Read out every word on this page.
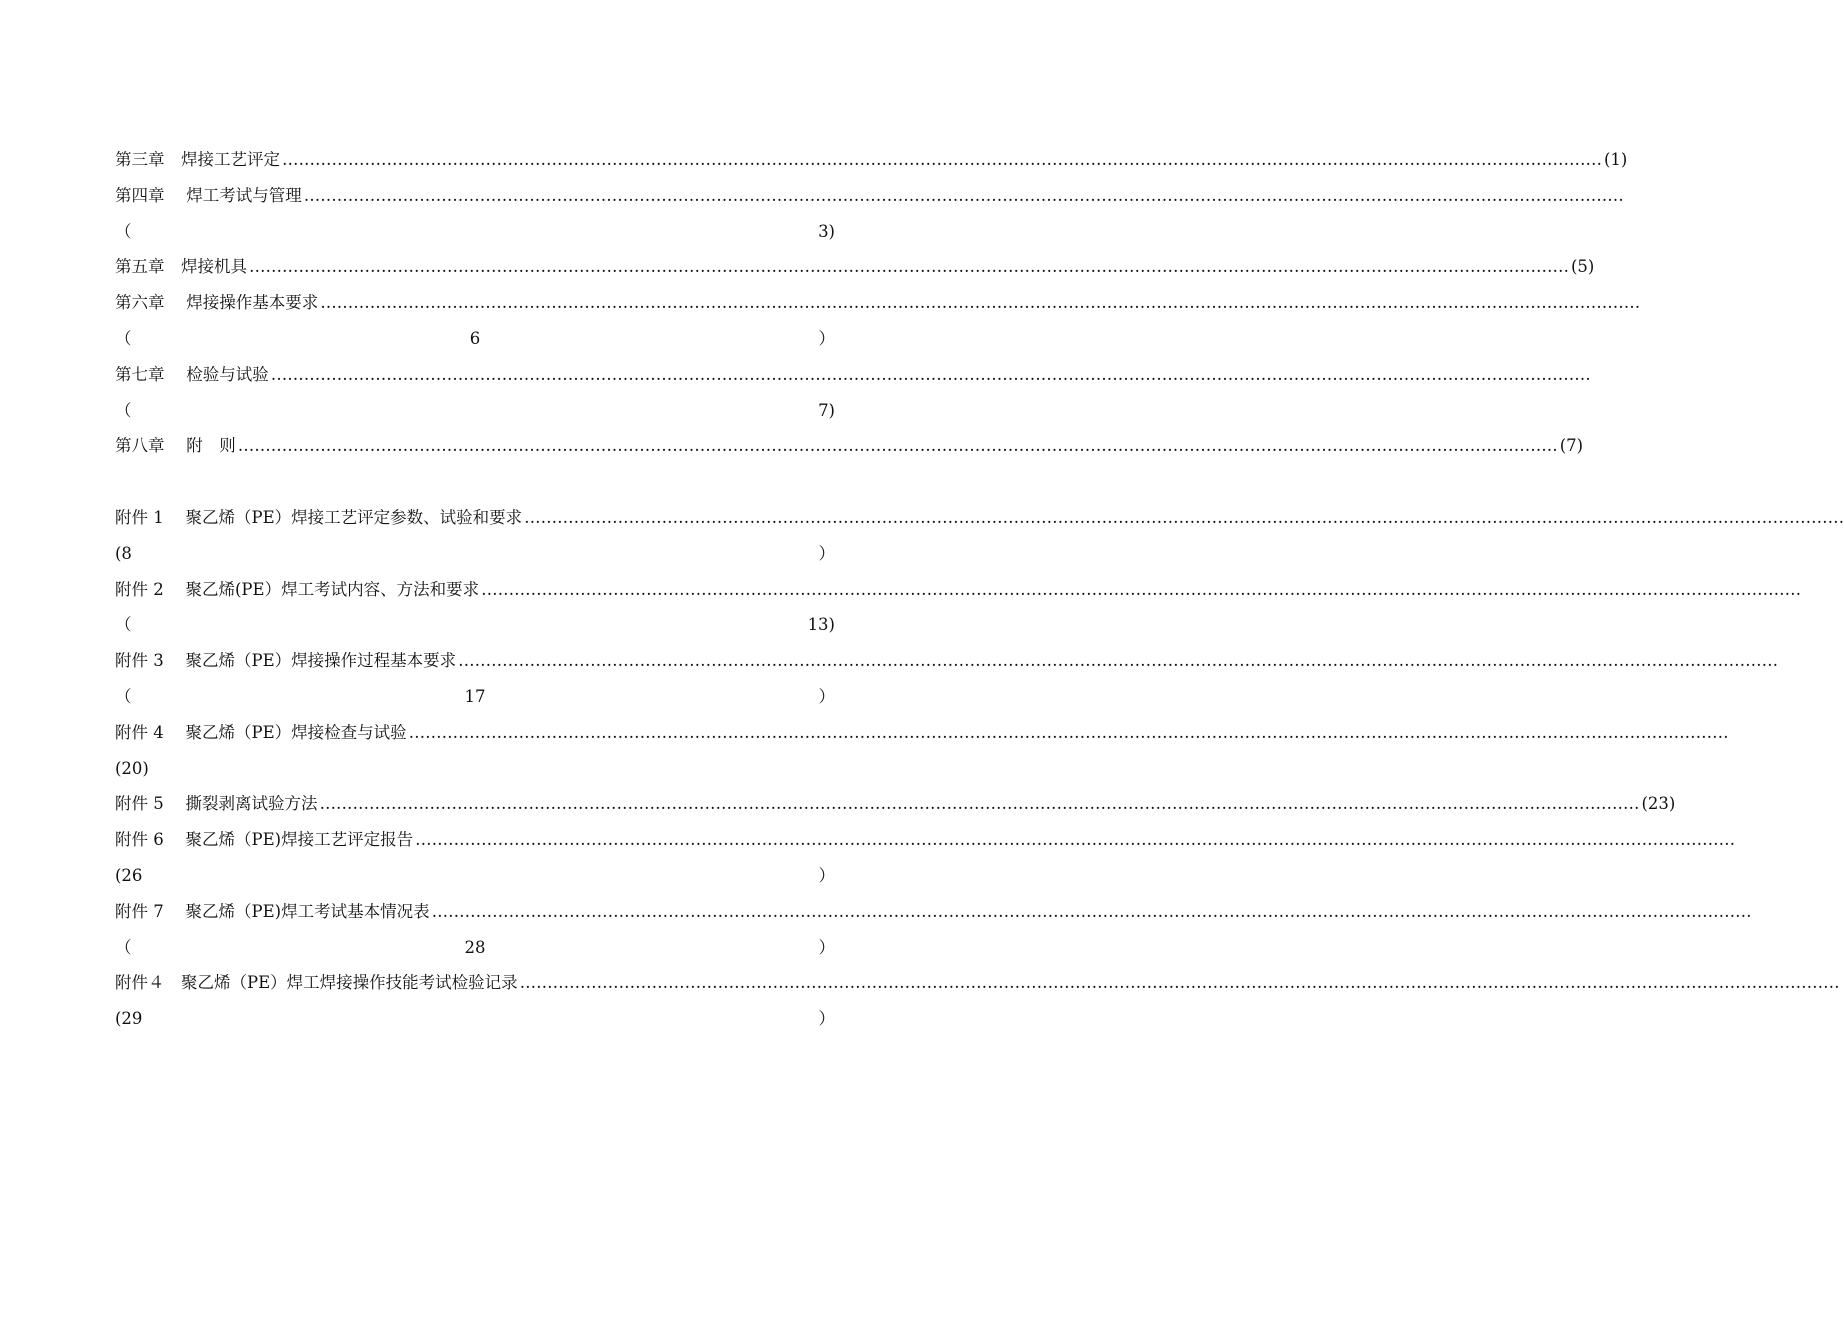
第三章　焊接工艺评定 …………………………………………………………………………………………………………………………………………………………………………………………………………………… (1)
第四章　 焊工考试与管理 ……………………………………………………………………………………………………………………………………………………………………………………………………………………
（	3)
第五章　焊接机具 …………………………………………………………………………………………………………………………………………………………………………………………………………………… (5)
第六章　 焊接操作基本要求 ……………………………………………………………………………………………………………………………………………………………………………………………………………………
（	6	）
第七章　 检验与试验 ……………………………………………………………………………………………………………………………………………………………………………………………………………………
（	7)
第八章　 附　则 …………………………………………………………………………………………………………………………………………………………………………………………………………………… (7)
附件 1　 聚乙烯（PE）焊接工艺评定参数、试验和要求 ……………………………………………………………………………………………………………………………………………………………………………………………………………………
(8	）
附件 2　 聚乙烯(PE）焊工考试内容、方法和要求 ……………………………………………………………………………………………………………………………………………………………………………………………………………………
（	13)
附件 3　 聚乙烯（PE）焊接操作过程基本要求 ……………………………………………………………………………………………………………………………………………………………………………………………………………………
（	17	）
附件 4　 聚乙烯（PE）焊接检查与试验 ……………………………………………………………………………………………………………………………………………………………………………………………………………………
(20)
附件 5　 撕裂剥离试验方法 …………………………………………………………………………………………………………………………………………………………………………………………………………………… (23)
附件 6　 聚乙烯（PE)焊接工艺评定报告 ……………………………………………………………………………………………………………………………………………………………………………………………………………………
(26	）
附件 7　 聚乙烯（PE)焊工考试基本情况表 ……………………………………………………………………………………………………………………………………………………………………………………………………………………
（	28	）
附件４　聚乙烯（PE）焊工焊接操作技能考试检验记录 ……………………………………………………………………………………………………………………………………………………………………………………………………………………
(29	）
